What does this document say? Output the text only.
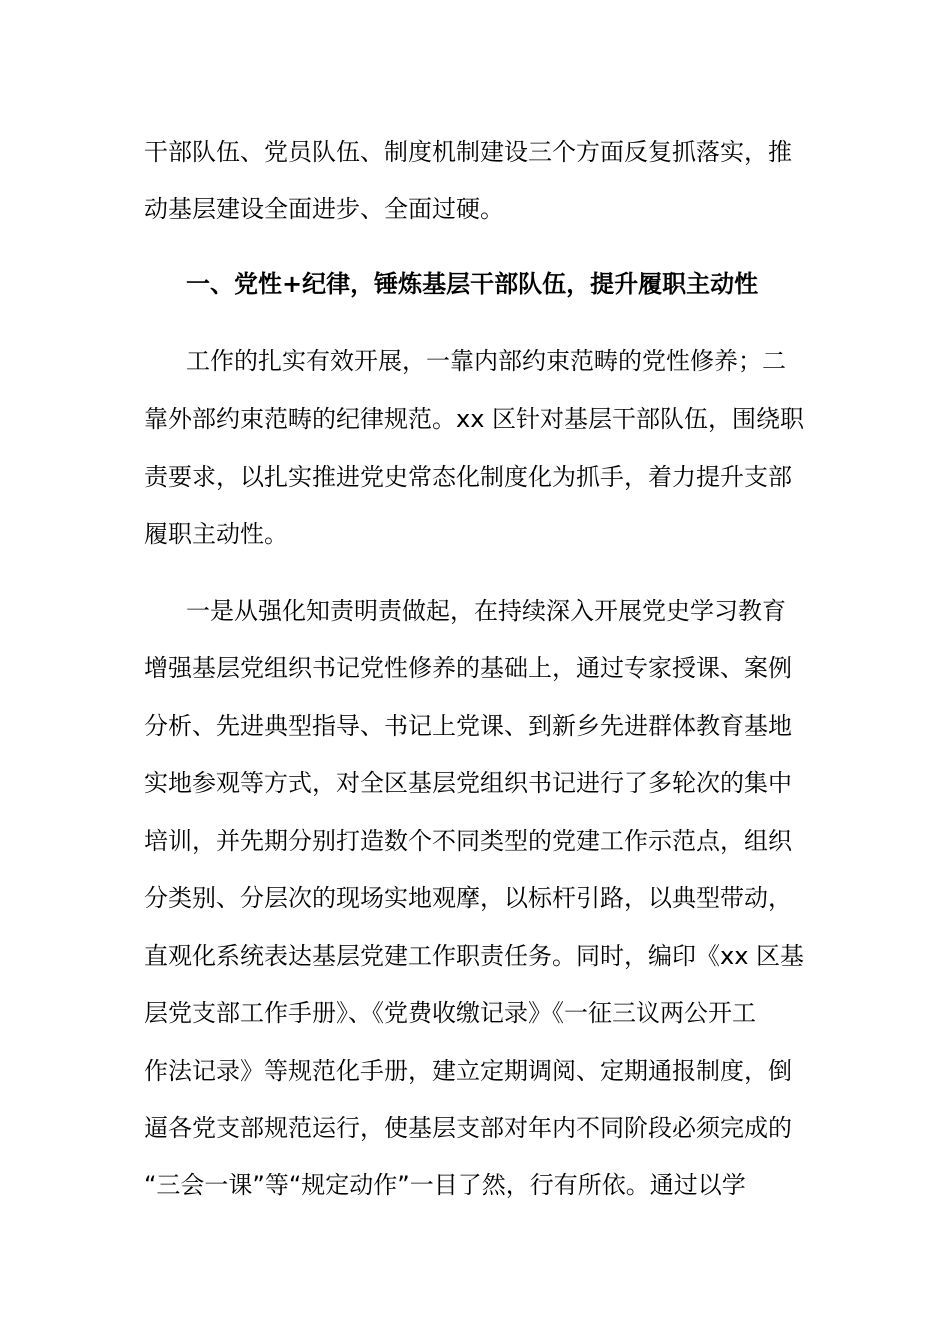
干部队伍、党员队伍、制度机制建设三个方面反复抓落实，推
动基层建设全面进步、全面过硬。
一、党性+纪律，锤炼基层干部队伍，提升履职主动性
工作的扎实有效开展，一靠内部约束范畴的党性修养；二
靠外部约束范畴的纪律规范。xx 区针对基层干部队伍，围绕职
责要求，以扎实推进党史常态化制度化为抓手，着力提升支部
履职主动性。
一是从强化知责明责做起，在持续深入开展党史学习教育
增强基层党组织书记党性修养的基础上，通过专家授课、案例
分析、先进典型指导、书记上党课、到新乡先进群体教育基地
实地参观等方式，对全区基层党组织书记进行了多轮次的集中
培训，并先期分别打造数个不同类型的党建工作示范点，组织
分类别、分层次的现场实地观摩，以标杆引路，以典型带动，
直观化系统表达基层党建工作职责任务。同时，编印《xx 区基
层党支部工作手册》、《党费收缴记录》《一征三议两公开工
作法记录》等规范化手册，建立定期调阅、定期通报制度，倒
逼各党支部规范运行，使基层支部对年内不同阶段必须完成的
“三会一课”等“规定动作”一目了然，行有所依。通过以学
